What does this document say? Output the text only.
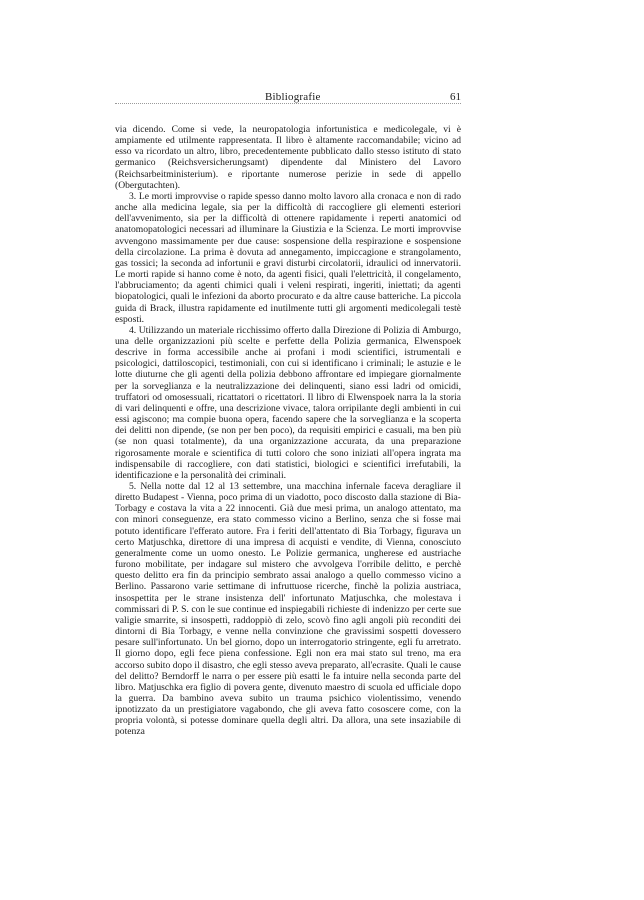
Bibliografie	61

via dicendo. Come si vede, la neuropatologia infortunistica e medicolegale, vi è ampiamente ed utilmente rappresentata. Il libro è altamente raccomandabile; vicino ad esso va ricordato un altro, libro, precedentemente pubblicato dallo stesso istituto di stato germanico (Reichsversicherungsamt) dipendente dal Ministero del Lavoro (Reichsarbeitministerium). e riportante numerose perizie in sede di appello (Obergutachten).

3. Le morti improvvise o rapide spesso danno molto lavoro alla cronaca e non di rado anche alla medicina legale, sia per la difficoltà di raccogliere gli elementi esteriori dell'avvenimento, sia per la difficoltà di ottenere rapidamente i reperti anatomici od anatomopatologici necessari ad illuminare la Giustizia e la Scienza. Le morti improvvise avvengono massimamente per due cause: sospensione della respirazione e sospensione della circolazione. La prima è dovuta ad annegamento, impiccagione e strangolamento, gas tossici; la seconda ad infortunii e gravi disturbi circolatorii, idraulici od innervatorii. Le morti rapide si hanno come è noto, da agenti fisici, quali l'elettricità, il congelamento, l'abbruciamento; da agenti chimici quali i veleni respirati, ingeriti, iniettati; da agenti biopatologici, quali le infezioni da aborto procurato e da altre cause batteriche. La piccola guida di Brack, illustra rapidamente ed inutilmente tutti gli argomenti medicolegali testè esposti.

4. Utilizzando un materiale ricchissimo offerto dalla Direzione di Polizia di Amburgo, una delle organizzazioni più scelte e perfette della Polizia germanica, Elwenspoek descrive in forma accessibile anche ai profani i modi scientifici, istrumentali e psicologici, dattiloscopici, testimoniali, con cui si identificano i criminali; le astuzie e le lotte diuturne che gli agenti della polizia debbono affrontare ed impiegare giornalmente per la sorveglianza e la neutralizzazione dei delinquenti, siano essi ladri od omicidi, truffatori od omosessuali, ricattatori o ricettatori. Il libro di Elwenspoek narra la la storia di vari delinquenti e offre, una descrizione vivace, talora orripilante degli ambienti in cui essi agiscono; ma compie buona opera, facendo sapere che la sorveglianza e la scoperta dei delitti non dipende, (se non per ben poco), da requisiti empirici e casuali, ma ben più (se non quasi totalmente), da una organizzazione accurata, da una preparazione rigorosamente morale e scientifica di tutti coloro che sono iniziati all'opera ingrata ma indispensabile di raccogliere, con dati statistici, biologici e scientifici irrefutabili, la identificazione e la personalità dei criminali.

5. Nella notte dal 12 al 13 settembre, una macchina infernale faceva deragliare il diretto Budapest - Vienna, poco prima di un viadotto, poco discosto dalla stazione di Bia-Torbagy e costava la vita a 22 innocenti. Già due mesi prima, un analogo attentato, ma con minori conseguenze, era stato commesso vicino a Berlino, senza che si fosse mai potuto identificare l'efferato autore. Fra i feriti dell'attentato di Bia Torbagy, figurava un certo Matjuschka, direttore di una impresa di acquisti e vendite, di Vienna, conosciuto generalmente come un uomo onesto. Le Polizie germanica, ungherese ed austriache furono mobilitate, per indagare sul mistero che avvolgeva l'orribile delitto, e perchè questo delitto era fin da principio sembrato assai analogo a quello commesso vicino a Berlino. Passarono varie settimane di infruttuose ricerche, finchè la polizia austriaca, insospettita per le strane insistenza dell' infortunato Matjuschka, che molestava i commissari di P. S. con le sue continue ed inspiegabili richieste di indenizzo per certe sue valigie smarrite, si insospettì, raddoppiò di zelo, scovò fino agli angoli più reconditi dei dintorni di Bia Torbagy, e venne nella convinzione che gravissimi sospetti dovessero pesare sull'infortunato. Un bel giorno, dopo un interrogatorio stringente, egli fu arretrato. Il giorno dopo, egli fece piena confessione. Egli non era mai stato sul treno, ma era accorso subito dopo il disastro, che egli stesso aveva preparato, all'ecrasite. Quali le cause del delitto? Berndorff le narra o per essere più esatti le fa intuire nella seconda parte del libro. Matjuschka era figlio di povera gente, divenuto maestro di scuola ed ufficiale dopo la guerra. Da bambino aveva subito un trauma psichico violentissimo, venendo ipnotizzato da un prestigiatore vagabondo, che gli aveva fatto cososcere come, con la propria volontà, si potesse dominare quella degli altri. Da allora, una sete insaziabile di potenza
